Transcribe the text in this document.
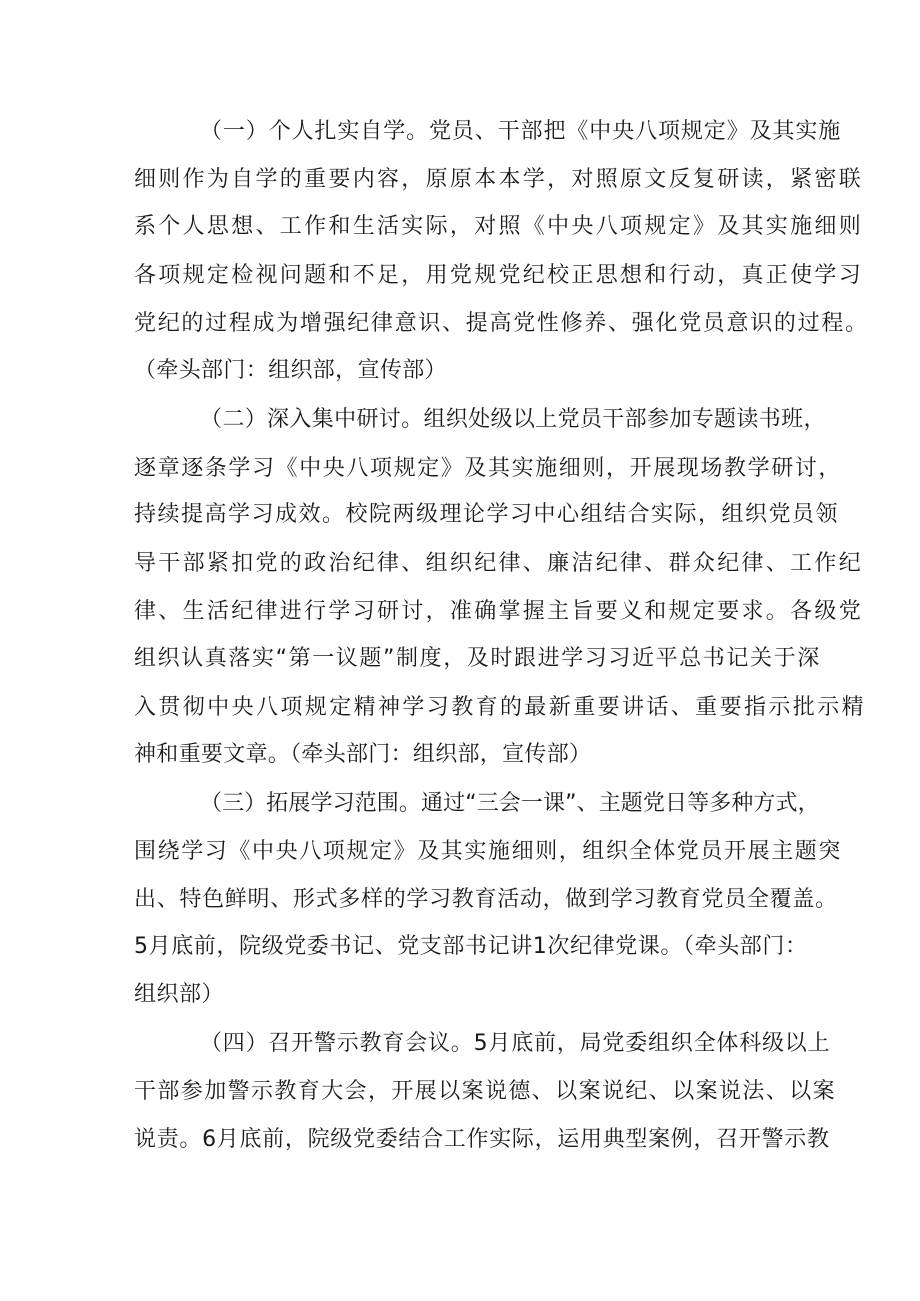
（一）个人扎实自学。党员、干部把《中央八项规定》及其实施
细则作为自学的重要内容，原原本本学，对照原文反复研读，紧密联
系个人思想、工作和生活实际，对照《中央八项规定》及其实施细则
各项规定检视问题和不足，用党规党纪校正思想和行动，真正使学习
党纪的过程成为增强纪律意识、提高党性修养、强化党员意识的过程。
（牵头部门：组织部，宣传部）
（二）深入集中研讨。组织处级以上党员干部参加专题读书班，
逐章逐条学习《中央八项规定》及其实施细则，开展现场教学研讨，
持续提高学习成效。校院两级理论学习中心组结合实际，组织党员领
导干部紧扣党的政治纪律、组织纪律、廉洁纪律、群众纪律、工作纪
律、生活纪律进行学习研讨，准确掌握主旨要义和规定要求。各级党
组织认真落实“第一议题”制度，及时跟进学习习近平总书记关于深
入贯彻中央八项规定精神学习教育的最新重要讲话、重要指示批示精
神和重要文章。（牵头部门：组织部，宣传部）
（三）拓展学习范围。通过“三会一课”、主题党日等多种方式，
围绕学习《中央八项规定》及其实施细则，组织全体党员开展主题突
出、特色鲜明、形式多样的学习教育活动，做到学习教育党员全覆盖。
5月底前，院级党委书记、党支部书记讲1次纪律党课。（牵头部门：
组织部）
（四）召开警示教育会议。5月底前，局党委组织全体科级以上
干部参加警示教育大会，开展以案说德、以案说纪、以案说法、以案
说责。6月底前，院级党委结合工作实际，运用典型案例，召开警示教
